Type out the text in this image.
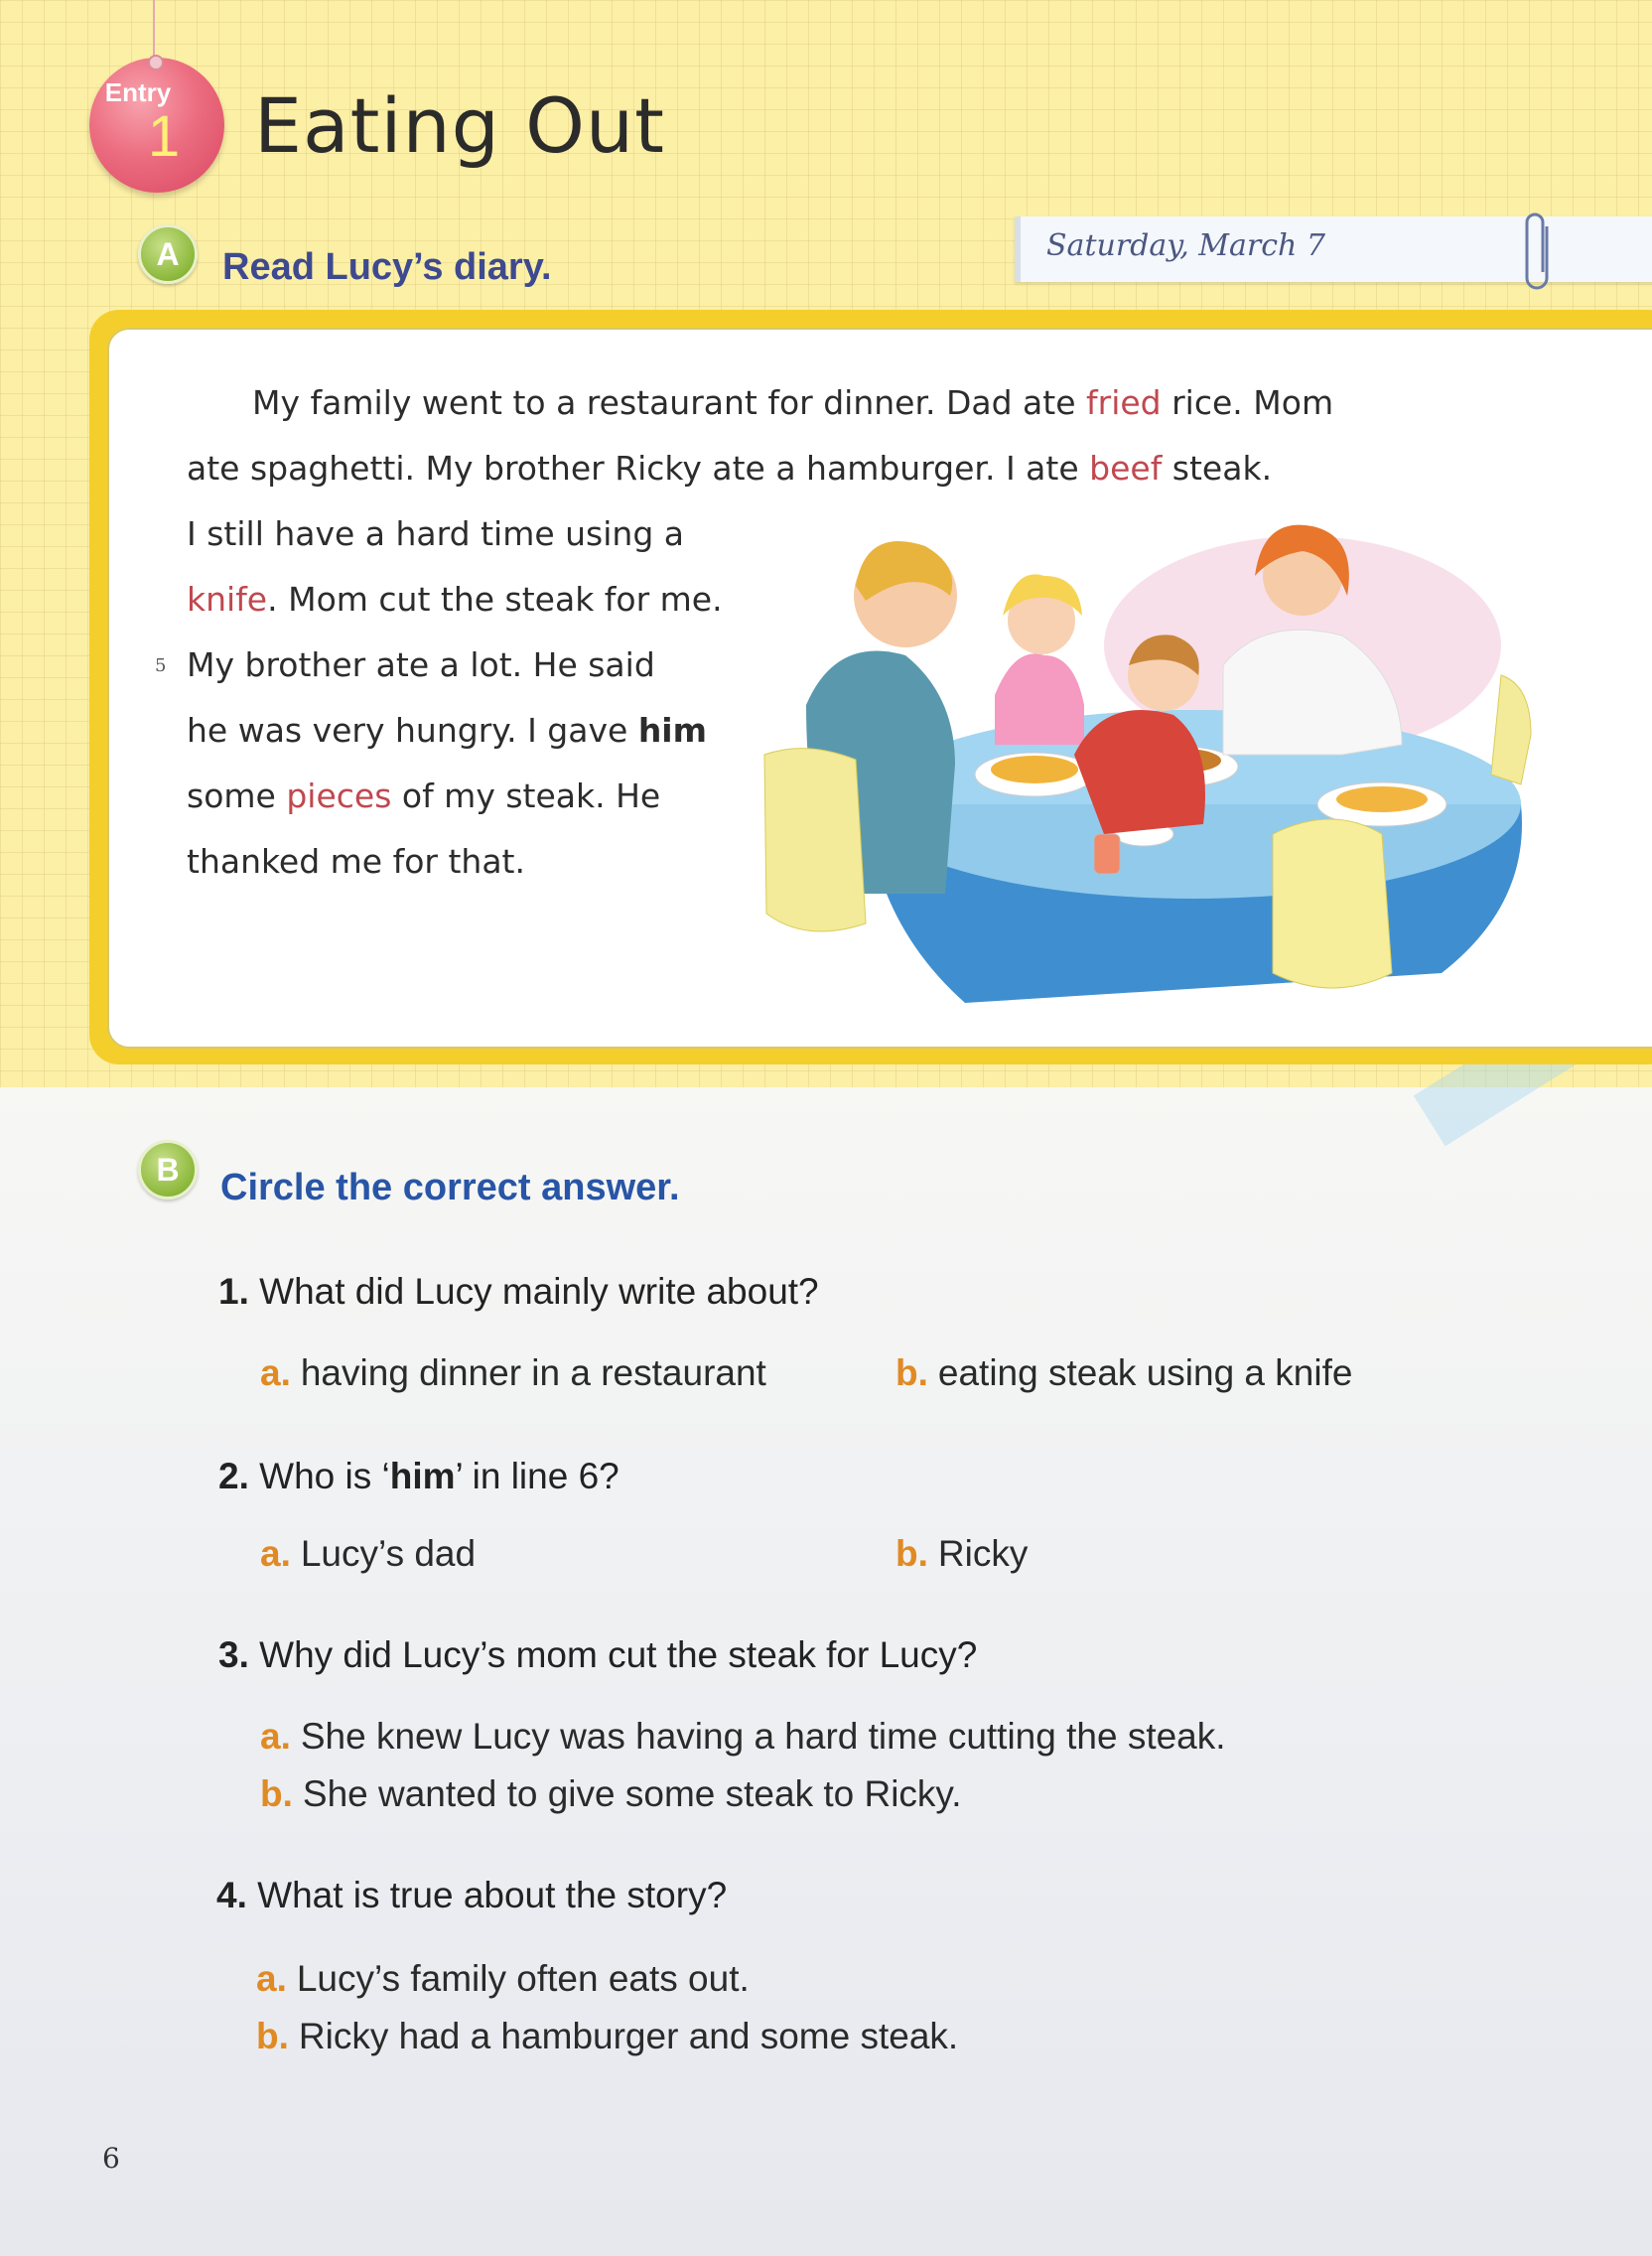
Entry
1 Eating Out
A	Read Lucy’s diary.
Saturday, March 7
My family went to a restaurant for dinner. Dad ate fried rice. Mom
ate spaghetti. My brother Ricky ate a hamburger. I ate beef steak.
I still have a hard time using a
knife. Mom cut the steak for me.
5 My brother ate a lot. He said
he was very hungry. I gave him
some pieces of my steak. He
thanked me for that.
B	Circle the correct answer.
1. What did Lucy mainly write about?
a. having dinner in a restaurant	b. eating steak using a knife
2. Who is ‘him’ in line 6?
a. Lucy’s dad	b. Ricky
3. Why did Lucy’s mom cut the steak for Lucy?
a. She knew Lucy was having a hard time cutting the steak.
b. She wanted to give some steak to Ricky.
4. What is true about the story?
a. Lucy’s family often eats out.
b. Ricky had a hamburger and some steak.
6
